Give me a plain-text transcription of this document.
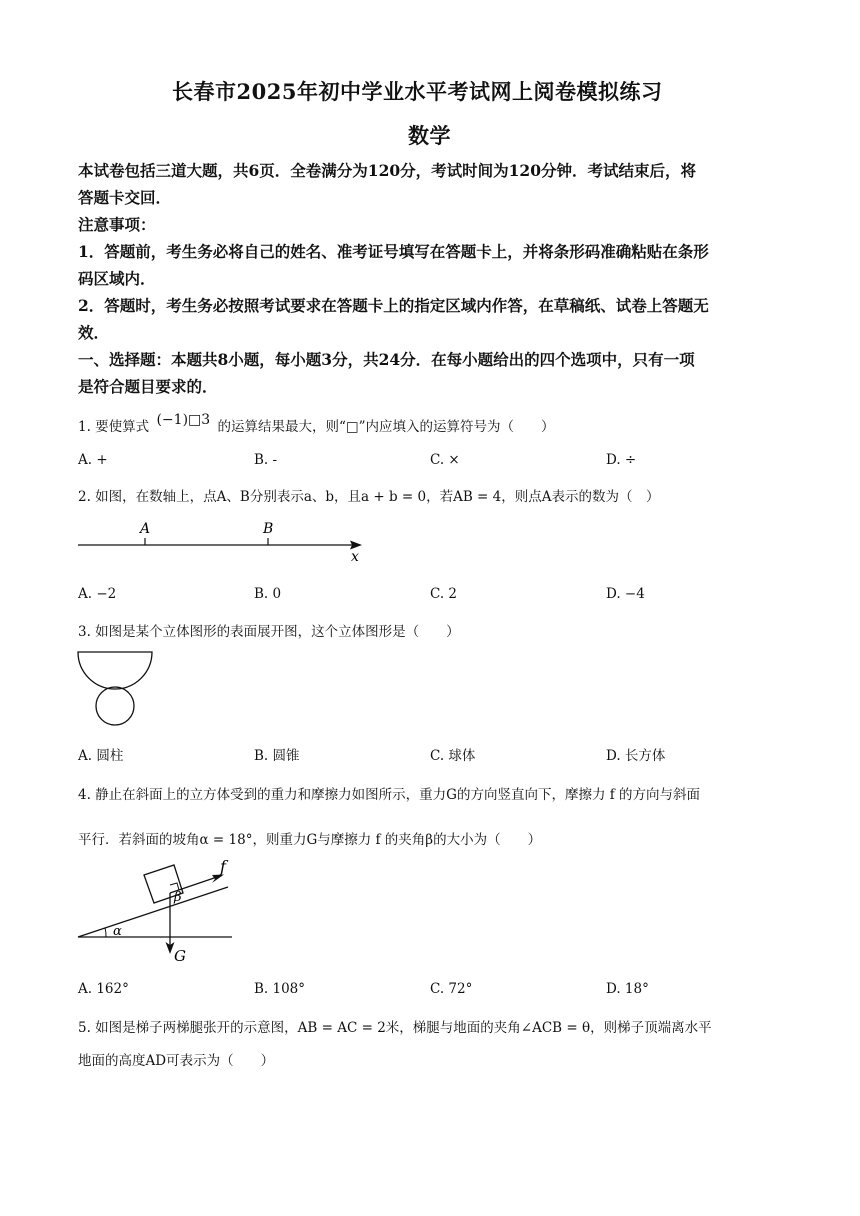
长春市2025年初中学业水平考试网上阅卷模拟练习
数学
本试卷包括三道大题，共6页．全卷满分为120分，考试时间为120分钟．考试结束后，将
答题卡交回．
注意事项：
1．答题前，考生务必将自己的姓名、准考证号填写在答题卡上，并将条形码准确粘贴在条形
码区域内．
2．答题时，考生务必按照考试要求在答题卡上的指定区域内作答，在草稿纸、试卷上答题无
效．
一、选择题：本题共8小题，每小题3分，共24分．在每小题给出的四个选项中，只有一项
是符合题目要求的．
1. 要使算式 (−1)□3 的运算结果最大，则“□”内应填入的运算符号为（　　）
A. +	B. -	C. ×	D. ÷
2. 如图，在数轴上，点A、B分别表示a、b，且a + b = 0，若AB = 4，则点A表示的数为（　）
A	B
x
A. −2	B. 0	C. 2	D. −4
3. 如图是某个立体图形的表面展开图，这个立体图形是（　　）
A. 圆柱	B. 圆锥	C. 球体	D. 长方体
4. 静止在斜面上的立方体受到的重力和摩擦力如图所示，重力G的方向竖直向下，摩擦力 f 的方向与斜面
平行．若斜面的坡角α = 18°，则重力G与摩擦力 f 的夹角β的大小为（　　）
f
β
α
G
A. 162°	B. 108°	C. 72°	D. 18°
5. 如图是梯子两梯腿张开的示意图，AB = AC = 2米，梯腿与地面的夹角∠ACB = θ，则梯子顶端离水平
地面的高度AD可表示为（　　）
